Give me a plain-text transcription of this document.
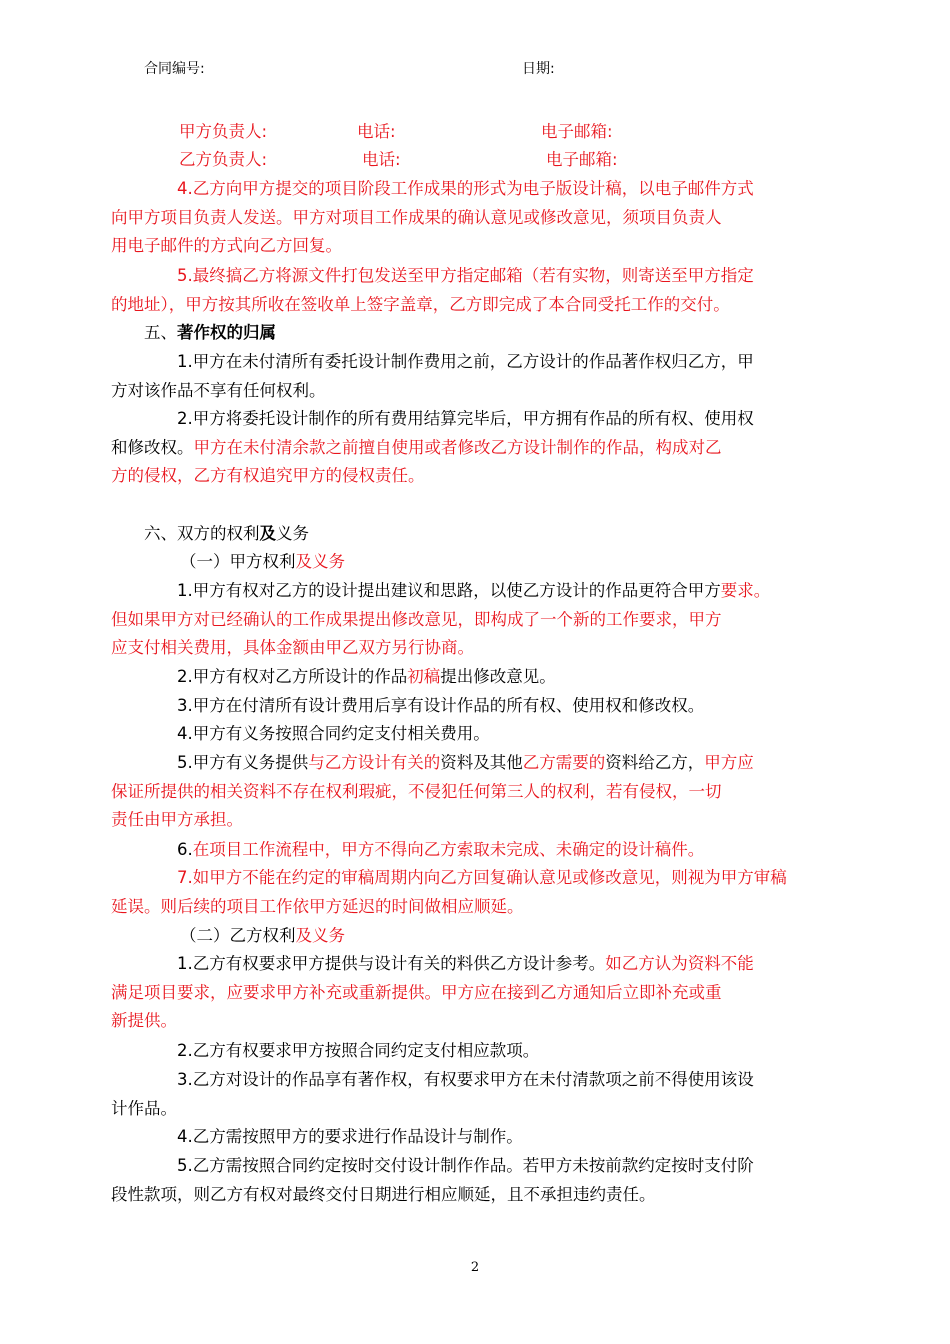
合同编号:	日期:
甲方负责人:	电话:	电子邮箱:
乙方负责人:	电话:	电子邮箱:

4.乙方向甲方提交的项目阶段工作成果的形式为电子版设计稿，以电子邮件方式
向甲方项目负责人发送。甲方对项目工作成果的确认意见或修改意见，须项目负责人
用电子邮件的方式向乙方回复。

5.最终搞乙方将源文件打包发送至甲方指定邮箱（若有实物，则寄送至甲方指定
的地址），甲方按其所收在签收单上签字盖章，乙方即完成了本合同受托工作的交付。

五、著作权的归属

1.甲方在未付清所有委托设计制作费用之前，乙方设计的作品著作权归乙方，甲
方对该作品不享有任何权利。

2.甲方将委托设计制作的所有费用结算完毕后，甲方拥有作品的所有权、使用权
和修改权。甲方在未付清余款之前擅自使用或者修改乙方设计制作的作品，构成对乙
方的侵权，乙方有权追究甲方的侵权责任。

六、双方的权利及义务

（一）甲方权利及义务

1.甲方有权对乙方的设计提出建议和思路，以使乙方设计的作品更符合甲方要求。
但如果甲方对已经确认的工作成果提出修改意见，即构成了一个新的工作要求，甲方
应支付相关费用，具体金额由甲乙双方另行协商。

2.甲方有权对乙方所设计的作品初稿提出修改意见。

3.甲方在付清所有设计费用后享有设计作品的所有权、使用权和修改权。

4.甲方有义务按照合同约定支付相关费用。

5.甲方有义务提供与乙方设计有关的资料及其他乙方需要的资料给乙方，甲方应
保证所提供的相关资料不存在权利瑕疵，不侵犯任何第三人的权利，若有侵权，一切
责任由甲方承担。

6.在项目工作流程中，甲方不得向乙方索取未完成、未确定的设计稿件。

7.如甲方不能在约定的审稿周期内向乙方回复确认意见或修改意见，则视为甲方审稿
延误。则后续的项目工作依甲方延迟的时间做相应顺延。

（二）乙方权利及义务

1.乙方有权要求甲方提供与设计有关的料供乙方设计参考。如乙方认为资料不能
满足项目要求，应要求甲方补充或重新提供。甲方应在接到乙方通知后立即补充或重
新提供。

2.乙方有权要求甲方按照合同约定支付相应款项。

3.乙方对设计的作品享有著作权，有权要求甲方在未付清款项之前不得使用该设
计作品。

4.乙方需按照甲方的要求进行作品设计与制作。

5.乙方需按照合同约定按时交付设计制作作品。若甲方未按前款约定按时支付阶
段性款项，则乙方有权对最终交付日期进行相应顺延，且不承担违约责任。

2
